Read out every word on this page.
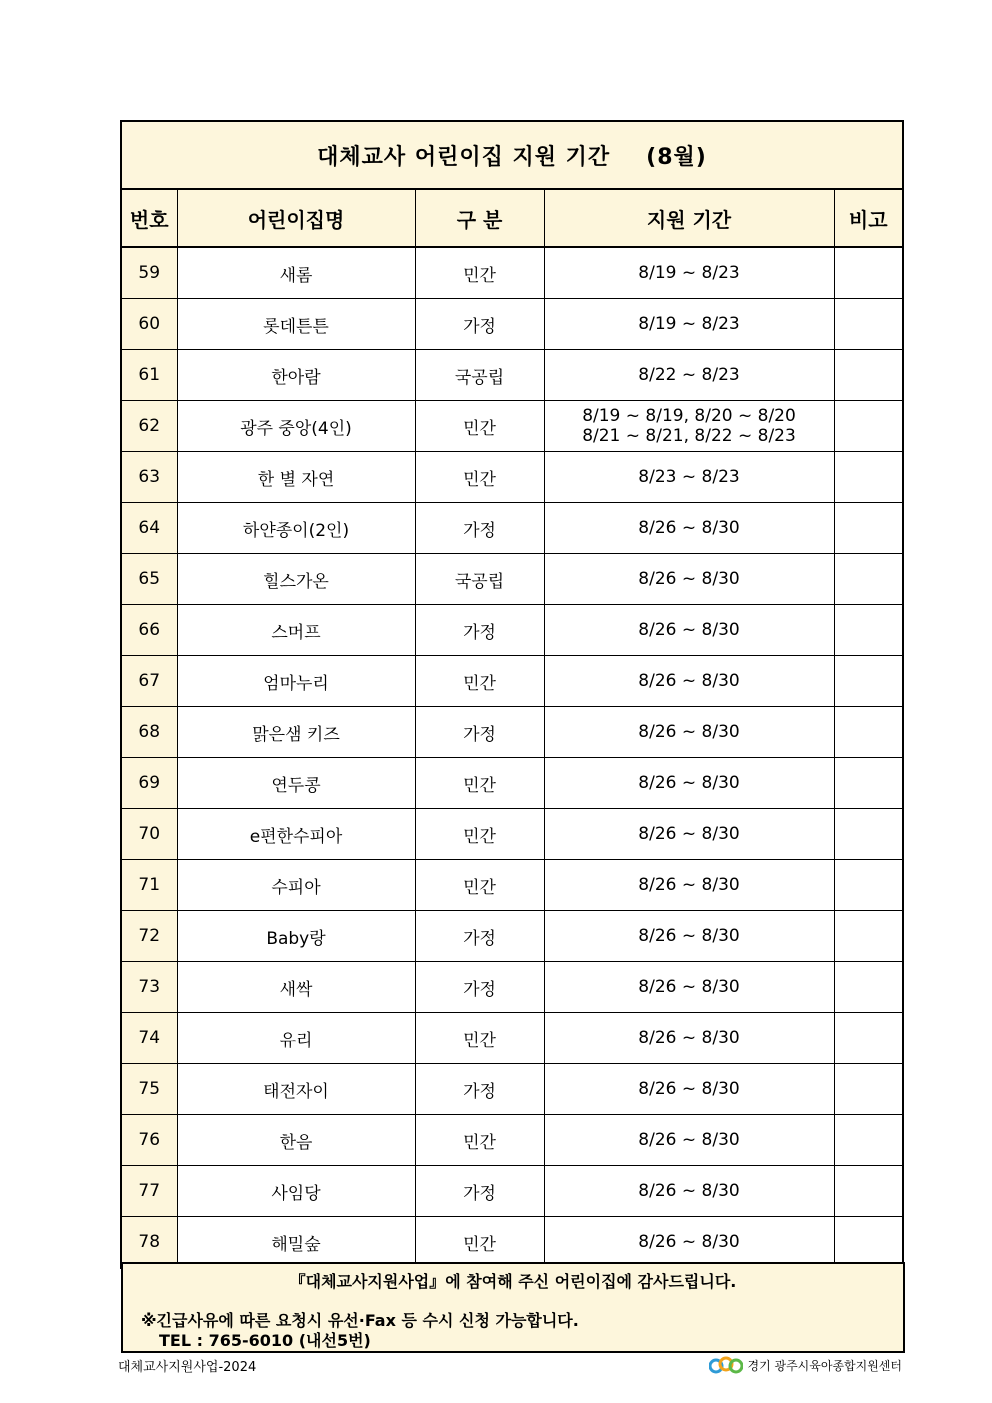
대체교사 어린이집 지원 기간 (8월)
번호	어린이집명	구 분	지원 기간	비고
59	새롬	민간	8/19 ~ 8/23	

60	롯데튼튼	가정	8/19 ~ 8/23	

61	한아람	국공립	8/22 ~ 8/23	

62	광주 중앙(4인)	민간	8/19 ~ 8/19, 8/20 ~ 8/20
8/21 ~ 8/21, 8/22 ~ 8/23	

63	한 별 자연	민간	8/23 ~ 8/23	

64	하얀종이(2인)	가정	8/26 ~ 8/30	

65	힐스가온	국공립	8/26 ~ 8/30	

66	스머프	가정	8/26 ~ 8/30	

67	엄마누리	민간	8/26 ~ 8/30	

68	맑은샘 키즈	가정	8/26 ~ 8/30	

69	연두콩	민간	8/26 ~ 8/30	

70	e편한수피아	민간	8/26 ~ 8/30	

71	수피아	민간	8/26 ~ 8/30	

72	Baby랑	가정	8/26 ~ 8/30	

73	새싹	가정	8/26 ~ 8/30	

74	유리	민간	8/26 ~ 8/30	

75	태전자이	가정	8/26 ~ 8/30	

76	한음	민간	8/26 ~ 8/30	

77	사임당	가정	8/26 ~ 8/30	

78	해밀숲	민간	8/26 ~ 8/30	

『대체교사지원사업』에 참여해 주신 어린이집에 감사드립니다.
※긴급사유에 따른 요청시 유선·Fax 등 수시 신청 가능합니다.
TEL : 765-6010 (내선5번)
대체교사지원사업-2024	경기 광주시육아종합지원센터
